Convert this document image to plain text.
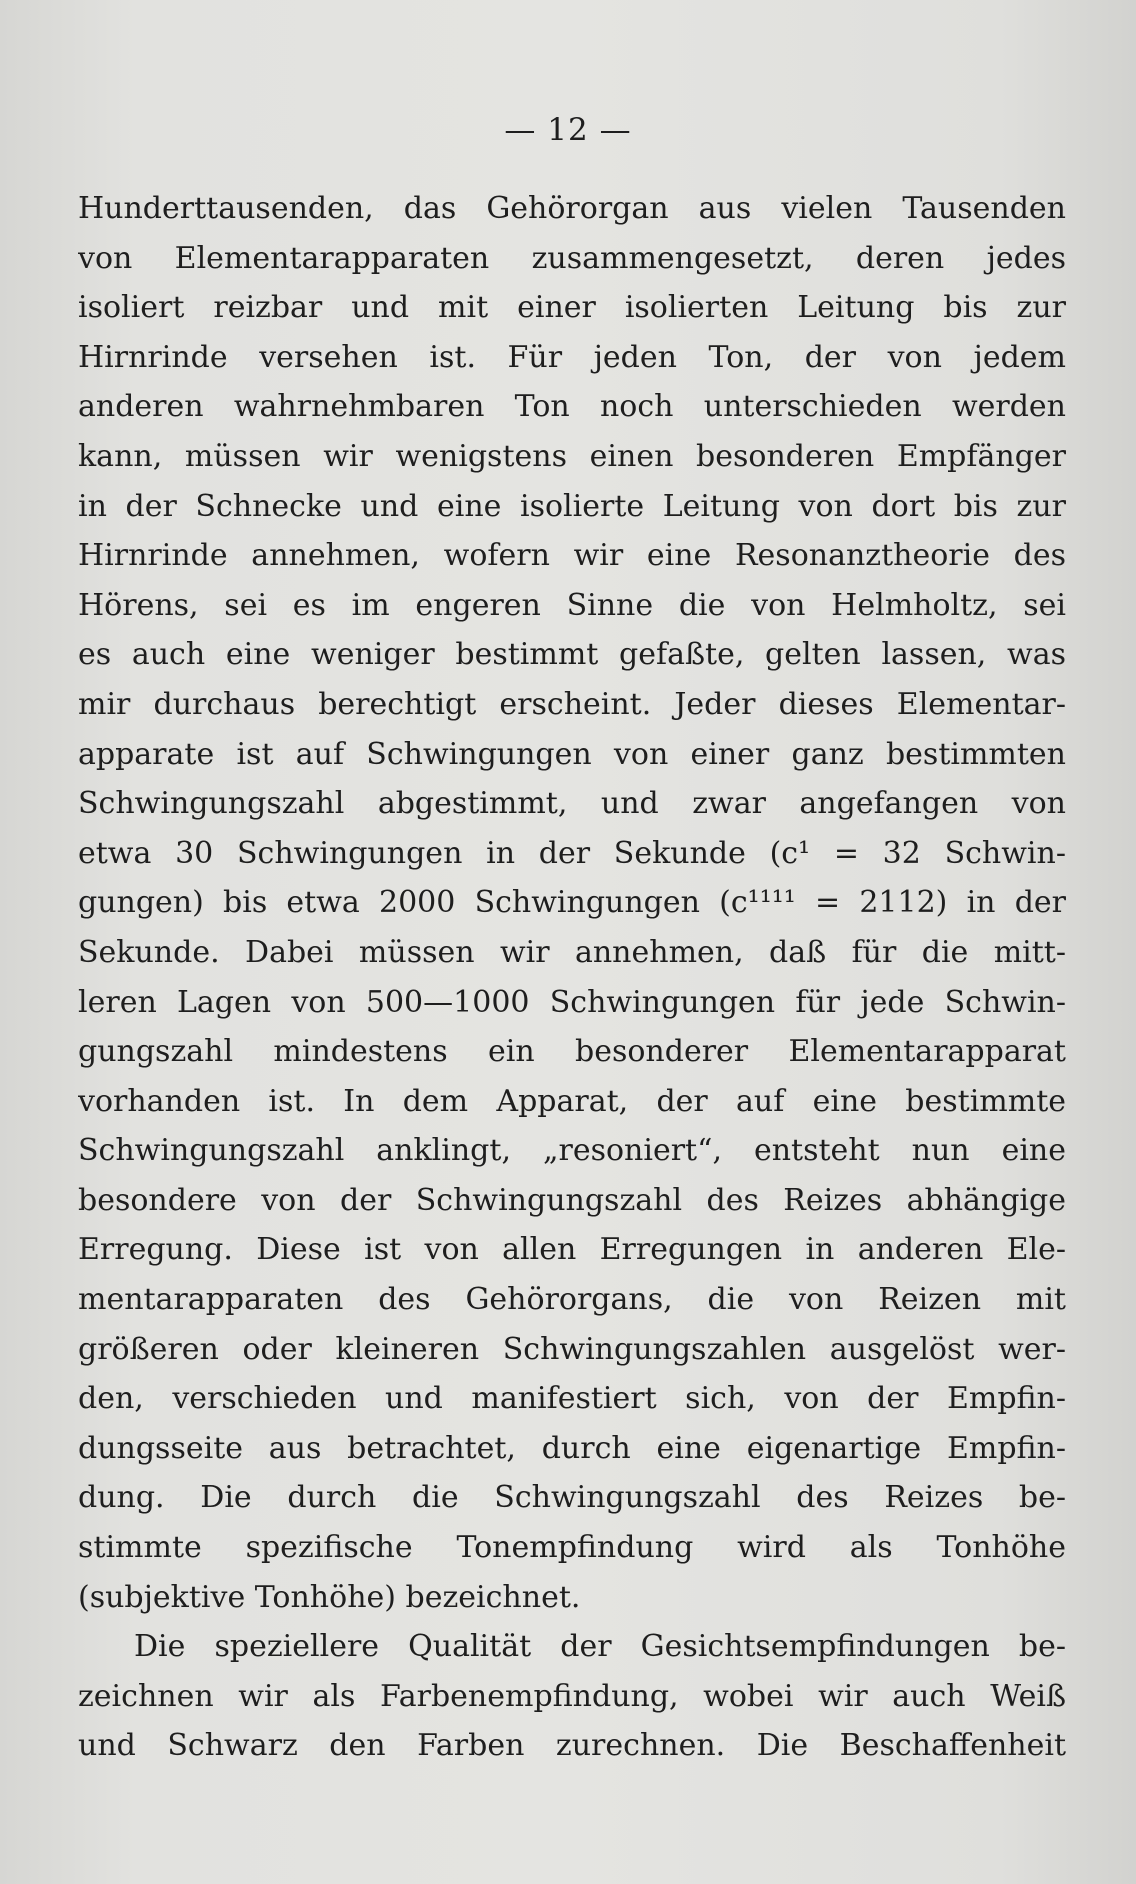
— 12 —
Hunderttausenden, das Gehörorgan aus vielen Tausenden
von Elementarapparaten zusammengesetzt, deren jedes
isoliert reizbar und mit einer isolierten Leitung bis zur
Hirnrinde versehen ist. Für jeden Ton, der von jedem
anderen wahrnehmbaren Ton noch unterschieden werden
kann, müssen wir wenigstens einen besonderen Empfänger
in der Schnecke und eine isolierte Leitung von dort bis zur
Hirnrinde annehmen, wofern wir eine Resonanztheorie des
Hörens, sei es im engeren Sinne die von Helmholtz, sei
es auch eine weniger bestimmt gefaßte, gelten lassen, was
mir durchaus berechtigt erscheint. Jeder dieses Elementar-
apparate ist auf Schwingungen von einer ganz bestimmten
Schwingungszahl abgestimmt, und zwar angefangen von
etwa 30 Schwingungen in der Sekunde (c¹ = 32 Schwin-
gungen) bis etwa 2000 Schwingungen (c¹¹¹¹ = 2112) in der
Sekunde. Dabei müssen wir annehmen, daß für die mitt-
leren Lagen von 500—1000 Schwingungen für jede Schwin-
gungszahl mindestens ein besonderer Elementarapparat
vorhanden ist. In dem Apparat, der auf eine bestimmte
Schwingungszahl anklingt, „resoniert“, entsteht nun eine
besondere von der Schwingungszahl des Reizes abhängige
Erregung. Diese ist von allen Erregungen in anderen Ele-
mentarapparaten des Gehörorgans, die von Reizen mit
größeren oder kleineren Schwingungszahlen ausgelöst wer-
den, verschieden und manifestiert sich, von der Empfin-
dungsseite aus betrachtet, durch eine eigenartige Empfin-
dung. Die durch die Schwingungszahl des Reizes be-
stimmte spezifische Tonempfindung wird als Tonhöhe
(subjektive Tonhöhe) bezeichnet.
Die speziellere Qualität der Gesichtsempfindungen be-
zeichnen wir als Farbenempfindung, wobei wir auch Weiß
und Schwarz den Farben zurechnen. Die Beschaffenheit
